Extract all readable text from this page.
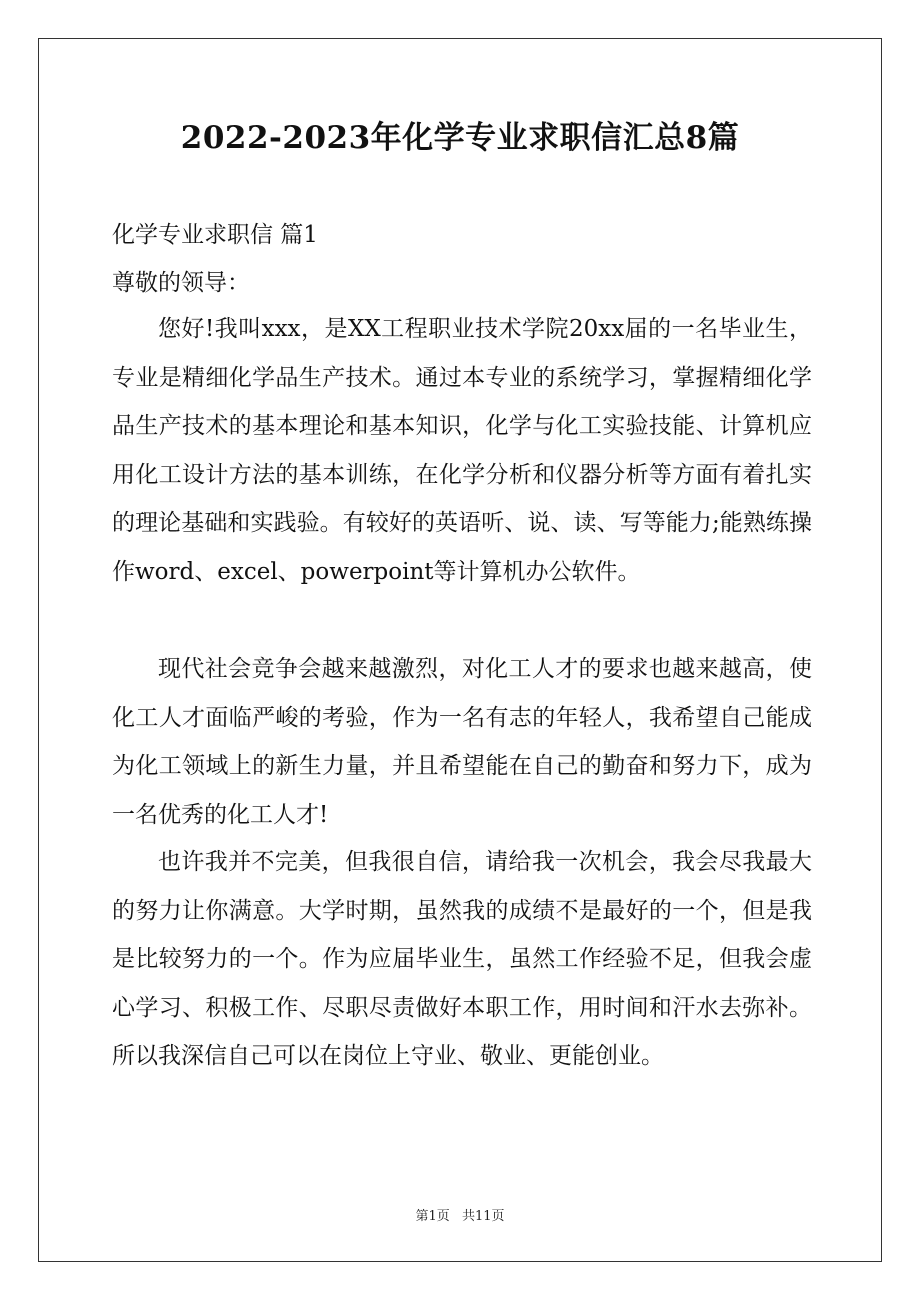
2022-2023年化学专业求职信汇总8篇

化学专业求职信 篇1

尊敬的领导：

您好!我叫xxx，是XX工程职业技术学院20xx届的一名毕业生，专业是精细化学品生产技术。通过本专业的系统学习，掌握精细化学品生产技术的基本理论和基本知识，化学与化工实验技能、计算机应用化工设计方法的基本训练，在化学分析和仪器分析等方面有着扎实的理论基础和实践验。有较好的英语听、说、读、写等能力;能熟练操作word、excel、powerpoint等计算机办公软件。

现代社会竞争会越来越激烈，对化工人才的要求也越来越高，使化工人才面临严峻的考验，作为一名有志的年轻人，我希望自己能成为化工领域上的新生力量，并且希望能在自己的勤奋和努力下，成为一名优秀的化工人才!

也许我并不完美，但我很自信，请给我一次机会，我会尽我最大的努力让你满意。大学时期，虽然我的成绩不是最好的一个，但是我是比较努力的一个。作为应届毕业生，虽然工作经验不足，但我会虚心学习、积极工作、尽职尽责做好本职工作，用时间和汗水去弥补。所以我深信自己可以在岗位上守业、敬业、更能创业。

第1页 共11页
